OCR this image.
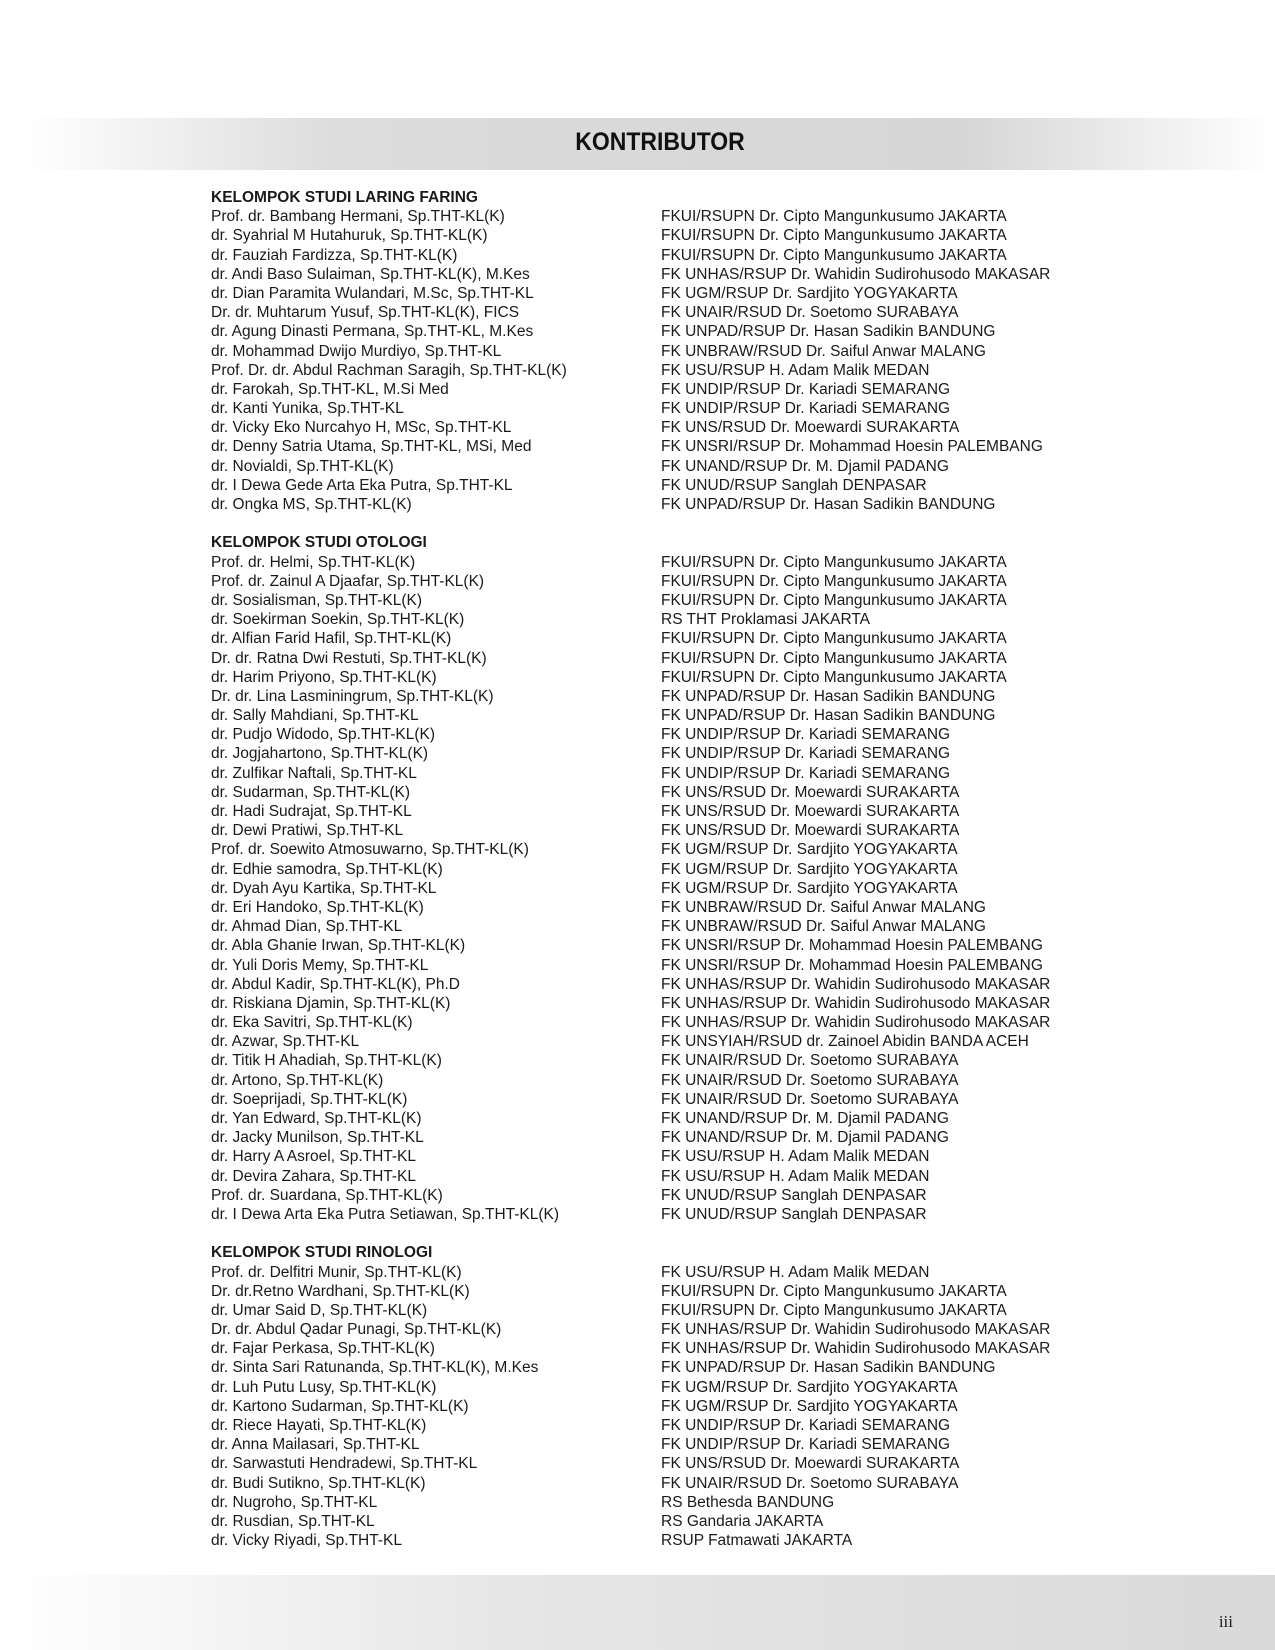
KONTRIBUTOR
KELOMPOK STUDI LARING FARING
Prof. dr. Bambang Hermani, Sp.THT-KL(K)	FKUI/RSUPN Dr. Cipto Mangunkusumo JAKARTA
dr. Syahrial M Hutahuruk, Sp.THT-KL(K)	FKUI/RSUPN Dr. Cipto Mangunkusumo JAKARTA
dr. Fauziah Fardizza, Sp.THT-KL(K)	FKUI/RSUPN Dr. Cipto Mangunkusumo JAKARTA
dr. Andi Baso Sulaiman, Sp.THT-KL(K), M.Kes	FK UNHAS/RSUP Dr. Wahidin Sudirohusodo MAKASAR
dr. Dian Paramita Wulandari, M.Sc, Sp.THT-KL	FK UGM/RSUP Dr. Sardjito YOGYAKARTA
Dr. dr. Muhtarum Yusuf, Sp.THT-KL(K), FICS	FK UNAIR/RSUD Dr. Soetomo SURABAYA
dr. Agung Dinasti Permana, Sp.THT-KL, M.Kes	FK UNPAD/RSUP Dr. Hasan Sadikin BANDUNG
dr. Mohammad Dwijo Murdiyo, Sp.THT-KL	FK UNBRAW/RSUD Dr. Saiful Anwar MALANG
Prof. Dr. dr. Abdul Rachman Saragih, Sp.THT-KL(K)	FK USU/RSUP H. Adam Malik MEDAN
dr. Farokah, Sp.THT-KL, M.Si Med	FK UNDIP/RSUP Dr. Kariadi SEMARANG
dr. Kanti Yunika, Sp.THT-KL	FK UNDIP/RSUP Dr. Kariadi SEMARANG
dr. Vicky Eko Nurcahyo H, MSc, Sp.THT-KL	FK UNS/RSUD Dr. Moewardi SURAKARTA
dr. Denny Satria Utama, Sp.THT-KL, MSi, Med	FK UNSRI/RSUP Dr. Mohammad Hoesin PALEMBANG
dr. Novialdi, Sp.THT-KL(K)	FK UNAND/RSUP Dr. M. Djamil PADANG
dr. I Dewa Gede Arta Eka Putra, Sp.THT-KL	FK UNUD/RSUP Sanglah DENPASAR
dr. Ongka MS, Sp.THT-KL(K)	FK UNPAD/RSUP Dr. Hasan Sadikin BANDUNG
KELOMPOK STUDI OTOLOGI
Prof. dr. Helmi, Sp.THT-KL(K)	FKUI/RSUPN Dr. Cipto Mangunkusumo JAKARTA
Prof. dr. Zainul A Djaafar, Sp.THT-KL(K)	FKUI/RSUPN Dr. Cipto Mangunkusumo JAKARTA
dr. Sosialisman, Sp.THT-KL(K)	FKUI/RSUPN Dr. Cipto Mangunkusumo JAKARTA
dr. Soekirman Soekin, Sp.THT-KL(K)	RS THT Proklamasi JAKARTA
dr. Alfian Farid Hafil, Sp.THT-KL(K)	FKUI/RSUPN Dr. Cipto Mangunkusumo JAKARTA
Dr. dr. Ratna Dwi Restuti, Sp.THT-KL(K)	FKUI/RSUPN Dr. Cipto Mangunkusumo JAKARTA
dr. Harim Priyono, Sp.THT-KL(K)	FKUI/RSUPN Dr. Cipto Mangunkusumo JAKARTA
Dr. dr. Lina Lasminingrum, Sp.THT-KL(K)	FK UNPAD/RSUP Dr. Hasan Sadikin BANDUNG
dr. Sally Mahdiani, Sp.THT-KL	FK UNPAD/RSUP Dr. Hasan Sadikin BANDUNG
dr. Pudjo Widodo, Sp.THT-KL(K)	FK UNDIP/RSUP Dr. Kariadi SEMARANG
dr. Jogjahartono, Sp.THT-KL(K)	FK UNDIP/RSUP Dr. Kariadi SEMARANG
dr. Zulfikar Naftali, Sp.THT-KL	FK UNDIP/RSUP Dr. Kariadi SEMARANG
dr. Sudarman, Sp.THT-KL(K)	FK UNS/RSUD Dr. Moewardi SURAKARTA
dr. Hadi Sudrajat, Sp.THT-KL	FK UNS/RSUD Dr. Moewardi SURAKARTA
dr. Dewi Pratiwi, Sp.THT-KL	FK UNS/RSUD Dr. Moewardi SURAKARTA
Prof. dr. Soewito Atmosuwarno, Sp.THT-KL(K)	FK UGM/RSUP Dr. Sardjito YOGYAKARTA
dr. Edhie samodra, Sp.THT-KL(K)	FK UGM/RSUP Dr. Sardjito YOGYAKARTA
dr. Dyah Ayu Kartika, Sp.THT-KL	FK UGM/RSUP Dr. Sardjito YOGYAKARTA
dr. Eri Handoko, Sp.THT-KL(K)	FK UNBRAW/RSUD Dr. Saiful Anwar MALANG
dr. Ahmad Dian, Sp.THT-KL	FK UNBRAW/RSUD Dr. Saiful Anwar MALANG
dr. Abla Ghanie Irwan, Sp.THT-KL(K)	FK UNSRI/RSUP Dr. Mohammad Hoesin PALEMBANG
dr. Yuli Doris Memy, Sp.THT-KL	FK UNSRI/RSUP Dr. Mohammad Hoesin PALEMBANG
dr. Abdul Kadir, Sp.THT-KL(K), Ph.D	FK UNHAS/RSUP Dr. Wahidin Sudirohusodo MAKASAR
dr. Riskiana Djamin, Sp.THT-KL(K)	FK UNHAS/RSUP Dr. Wahidin Sudirohusodo MAKASAR
dr. Eka Savitri, Sp.THT-KL(K)	FK UNHAS/RSUP Dr. Wahidin Sudirohusodo MAKASAR
dr. Azwar, Sp.THT-KL	FK UNSYIAH/RSUD dr. Zainoel Abidin BANDA ACEH
dr. Titik H Ahadiah, Sp.THT-KL(K)	FK UNAIR/RSUD Dr. Soetomo SURABAYA
dr. Artono, Sp.THT-KL(K)	FK UNAIR/RSUD Dr. Soetomo SURABAYA
dr. Soeprijadi, Sp.THT-KL(K)	FK UNAIR/RSUD Dr. Soetomo SURABAYA
dr. Yan Edward, Sp.THT-KL(K)	FK UNAND/RSUP Dr. M. Djamil PADANG
dr. Jacky Munilson, Sp.THT-KL	FK UNAND/RSUP Dr. M. Djamil PADANG
dr. Harry A Asroel, Sp.THT-KL	FK USU/RSUP H. Adam Malik MEDAN
dr. Devira Zahara, Sp.THT-KL	FK USU/RSUP H. Adam Malik MEDAN
Prof. dr. Suardana, Sp.THT-KL(K)	FK UNUD/RSUP Sanglah DENPASAR
dr. I Dewa Arta Eka Putra Setiawan, Sp.THT-KL(K)	FK UNUD/RSUP Sanglah DENPASAR
KELOMPOK STUDI RINOLOGI
Prof. dr. Delfitri Munir, Sp.THT-KL(K)	FK USU/RSUP H. Adam Malik MEDAN
Dr. dr.Retno Wardhani, Sp.THT-KL(K)	FKUI/RSUPN Dr. Cipto Mangunkusumo JAKARTA
dr. Umar Said D, Sp.THT-KL(K)	FKUI/RSUPN Dr. Cipto Mangunkusumo JAKARTA
Dr. dr. Abdul Qadar Punagi, Sp.THT-KL(K)	FK UNHAS/RSUP Dr. Wahidin Sudirohusodo MAKASAR
dr. Fajar Perkasa, Sp.THT-KL(K)	FK UNHAS/RSUP Dr. Wahidin Sudirohusodo MAKASAR
dr. Sinta Sari Ratunanda, Sp.THT-KL(K), M.Kes	FK UNPAD/RSUP Dr. Hasan Sadikin BANDUNG
dr. Luh Putu Lusy, Sp.THT-KL(K)	FK UGM/RSUP Dr. Sardjito YOGYAKARTA
dr. Kartono Sudarman, Sp.THT-KL(K)	FK UGM/RSUP Dr. Sardjito YOGYAKARTA
dr. Riece Hayati, Sp.THT-KL(K)	FK UNDIP/RSUP Dr. Kariadi SEMARANG
dr. Anna Mailasari, Sp.THT-KL	FK UNDIP/RSUP Dr. Kariadi SEMARANG
dr. Sarwastuti Hendradewi, Sp.THT-KL	FK UNS/RSUD Dr. Moewardi SURAKARTA
dr. Budi Sutikno, Sp.THT-KL(K)	FK UNAIR/RSUD Dr. Soetomo SURABAYA
dr. Nugroho, Sp.THT-KL	RS Bethesda BANDUNG
dr. Rusdian, Sp.THT-KL	RS Gandaria JAKARTA
dr. Vicky Riyadi, Sp.THT-KL	RSUP Fatmawati JAKARTA
iii
